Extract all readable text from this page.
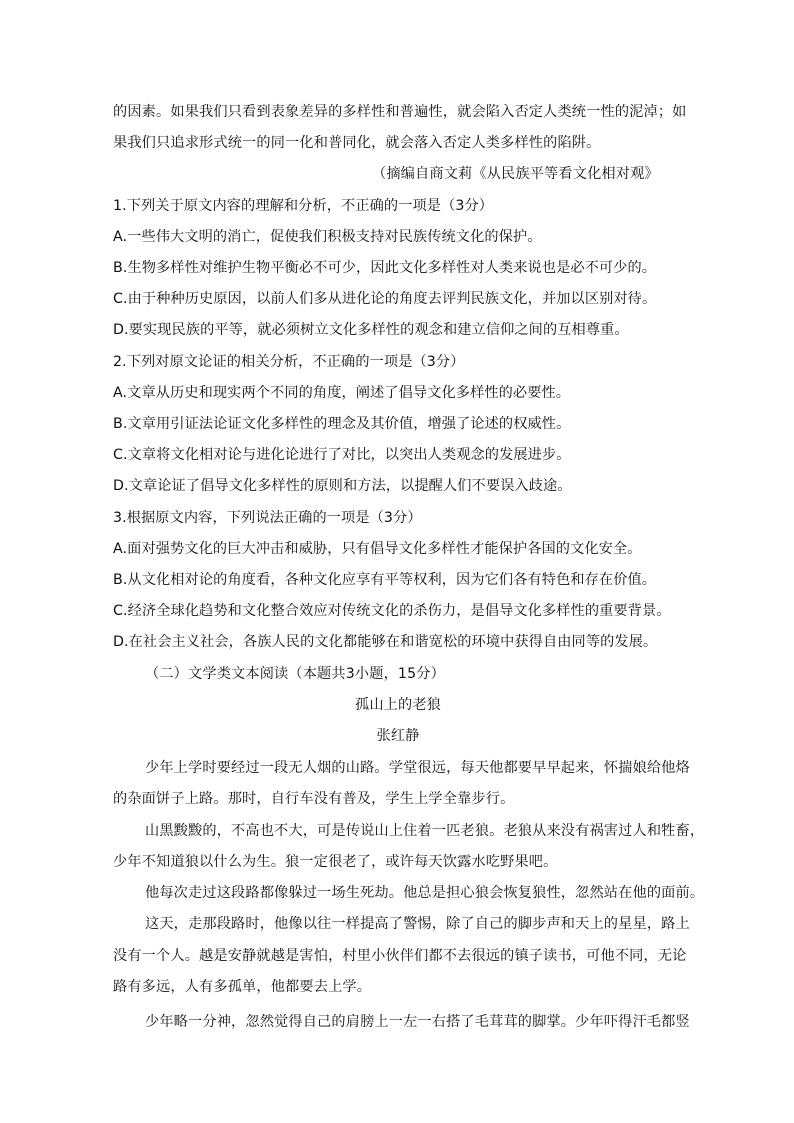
的因素。如果我们只看到表象差异的多样性和普遍性，就会陷入否定人类统一性的泥淖；如
果我们只追求形式统一的同一化和普同化，就会落入否定人类多样性的陷阱。
（摘编自商文莉《从民族平等看文化相对观》
1.下列关于原文内容的理解和分析，不正确的一项是（3分）
A.一些伟大文明的消亡，促使我们积极支持对民族传统文化的保护。
B.生物多样性对维护生物平衡必不可少，因此文化多样性对人类来说也是必不可少的。
C.由于种种历史原因，以前人们多从进化论的角度去评判民族文化，并加以区别对待。
D.要实现民族的平等，就必须树立文化多样性的观念和建立信仰之间的互相尊重。
2.下列对原文论证的相关分析，不正确的一项是（3分）
A.文章从历史和现实两个不同的角度，阐述了倡导文化多样性的必要性。
B.文章用引证法论证文化多样性的理念及其价值，增强了论述的权威性。
C.文章将文化相对论与进化论进行了对比，以突出人类观念的发展进步。
D.文章论证了倡导文化多样性的原则和方法，以提醒人们不要误入歧途。
3.根据原文内容，下列说法正确的一项是（3分）
A.面对强势文化的巨大冲击和威胁，只有倡导文化多样性才能保护各国的文化安全。
B.从文化相对论的角度看，各种文化应享有平等权利，因为它们各有特色和存在价值。
C.经济全球化趋势和文化整合效应对传统文化的杀伤力，是倡导文化多样性的重要背景。
D.在社会主义社会，各族人民的文化都能够在和谐宽松的环境中获得自由同等的发展。
（二）文学类文本阅读（本题共3小题，15分）
孤山上的老狼
张红静
少年上学时要经过一段无人烟的山路。学堂很远，每天他都要早早起来，怀揣娘给他烙
的杂面饼子上路。那时，自行车没有普及，学生上学全靠步行。
山黑黢黢的，不高也不大，可是传说山上住着一匹老狼。老狼从来没有祸害过人和牲畜，
少年不知道狼以什么为生。狼一定很老了，或许每天饮露水吃野果吧。
他每次走过这段路都像躲过一场生死劫。他总是担心狼会恢复狼性，忽然站在他的面前。
这天，走那段路时，他像以往一样提高了警惕，除了自己的脚步声和天上的星星，路上
没有一个人。越是安静就越是害怕，村里小伙伴们都不去很远的镇子读书，可他不同，无论
路有多远，人有多孤单，他都要去上学。
少年略一分神，忽然觉得自己的肩膀上一左一右搭了毛茸茸的脚掌。少年吓得汗毛都竖
